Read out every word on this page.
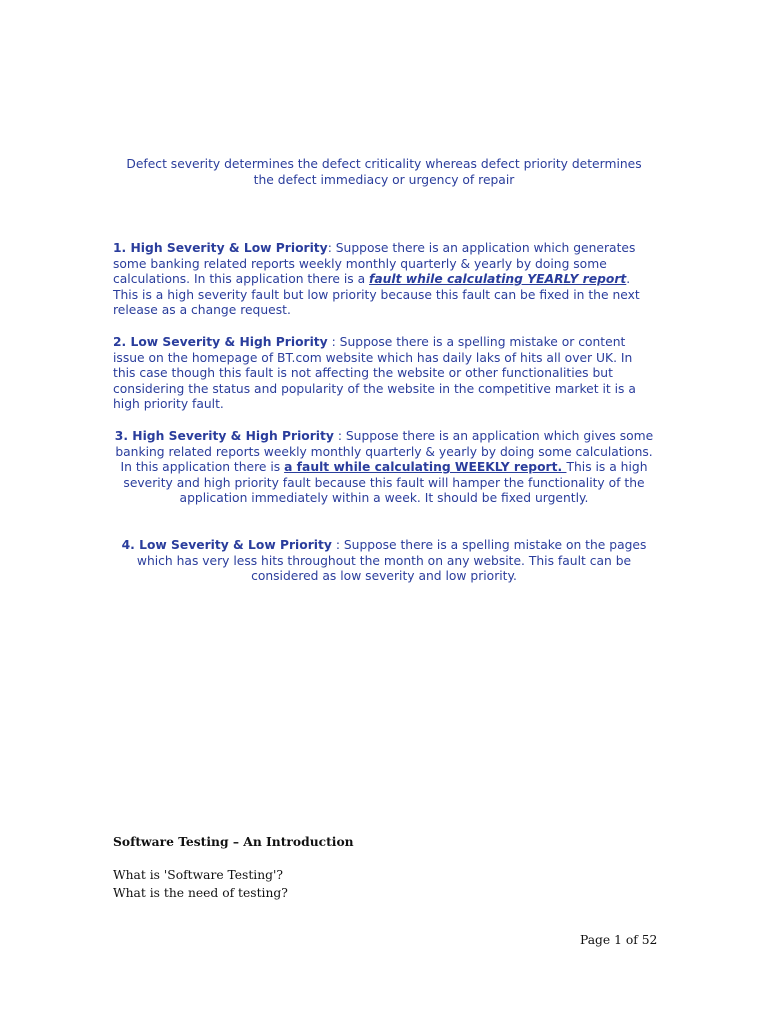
Defect severity determines the defect criticality whereas defect priority determines
the defect immediacy or urgency of repair

1. High Severity & Low Priority: Suppose there is an application which generates some banking related reports weekly monthly quarterly & yearly by doing some calculations. In this application there is a fault while calculating YEARLY report. This is a high severity fault but low priority because this fault can be fixed in the next release as a change request.

2. Low Severity & High Priority : Suppose there is a spelling mistake or content issue on the homepage of BT.com website which has daily laks of hits all over UK. In this case though this fault is not affecting the website or other functionalities but considering the status and popularity of the website in the competitive market it is a high priority fault.

3. High Severity & High Priority : Suppose there is an application which gives some banking related reports weekly monthly quarterly & yearly by doing some calculations. In this application there is a fault while calculating WEEKLY report. This is a high severity and high priority fault because this fault will hamper the functionality of the application immediately within a week. It should be fixed urgently.

4. Low Severity & Low Priority : Suppose there is a spelling mistake on the pages which has very less hits throughout the month on any website. This fault can be considered as low severity and low priority.

Software Testing – An Introduction
What is 'Software Testing'?
What is the need of testing?
Page 1 of 52
